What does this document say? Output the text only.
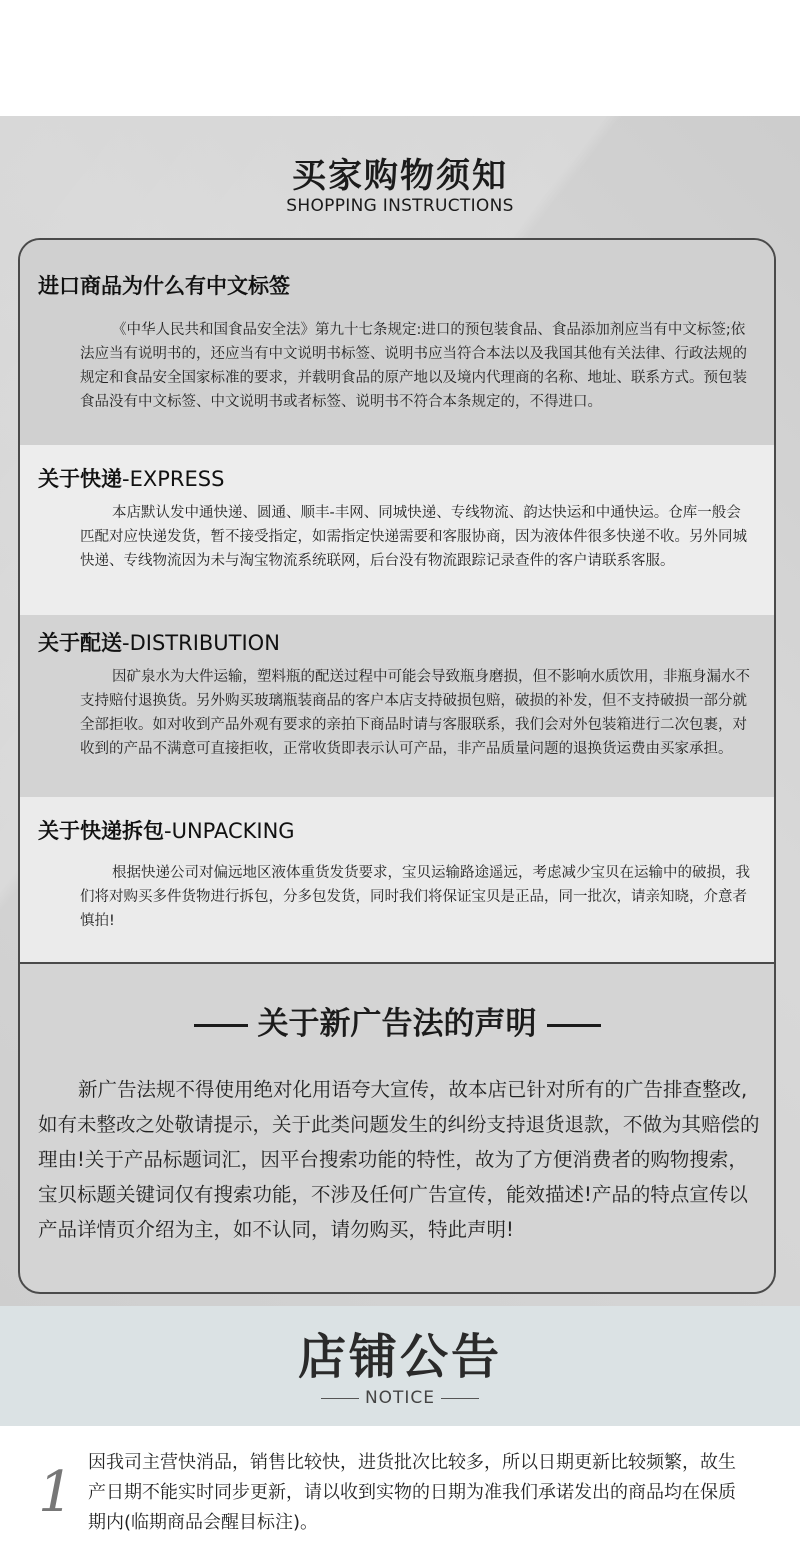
买家购物须知
SHOPPING INSTRUCTIONS
进口商品为什么有中文标签
《中华人民共和国食品安全法》第九十七条规定:进口的预包装食品、食品添加剂应当有中文标签;依法应当有说明书的，还应当有中文说明书标签、说明书应当符合本法以及我国其他有关法律、行政法规的规定和食品安全国家标准的要求，并载明食品的原产地以及境内代理商的名称、地址、联系方式。预包装食品没有中文标签、中文说明书或者标签、说明书不符合本条规定的，不得进口。
关于快递-EXPRESS
本店默认发中通快递、圆通、顺丰-丰网、同城快递、专线物流、韵达快运和中通快运。仓库一般会匹配对应快递发货，暂不接受指定，如需指定快递需要和客服协商，因为液体件很多快递不收。另外同城快递、专线物流因为未与淘宝物流系统联网，后台没有物流跟踪记录查件的客户请联系客服。
关于配送-DISTRIBUTION
因矿泉水为大件运输，塑料瓶的配送过程中可能会导致瓶身磨损，但不影响水质饮用，非瓶身漏水不支持赔付退换货。另外购买玻璃瓶装商品的客户本店支持破损包赔，破损的补发，但不支持破损一部分就全部拒收。如对收到产品外观有要求的亲拍下商品时请与客服联系，我们会对外包装箱进行二次包裹，对收到的产品不满意可直接拒收，正常收货即表示认可产品，非产品质量问题的退换货运费由买家承担。
关于快递拆包-UNPACKING
根据快递公司对偏远地区液体重货发货要求，宝贝运输路途遥远，考虑减少宝贝在运输中的破损，我们将对购买多件货物进行拆包，分多包发货，同时我们将保证宝贝是正品，同一批次，请亲知晓，介意者慎拍!
关于新广告法的声明
新广告法规不得使用绝对化用语夸大宣传，故本店已针对所有的广告排查整改,如有未整改之处敬请提示，关于此类问题发生的纠纷支持退货退款，不做为其赔偿的理由!关于产品标题词汇，因平台搜索功能的特性，故为了方便消费者的购物搜索，宝贝标题关键词仅有搜索功能，不涉及任何广告宣传，能效描述!产品的特点宣传以产品详情页介绍为主，如不认同，请勿购买，特此声明!
店铺公告
NOTICE
1 因我司主营快消品，销售比较快，进货批次比较多，所以日期更新比较频繁，故生产日期不能实时同步更新，请以收到实物的日期为准我们承诺发出的商品均在保质期内(临期商品会醒目标注)。
